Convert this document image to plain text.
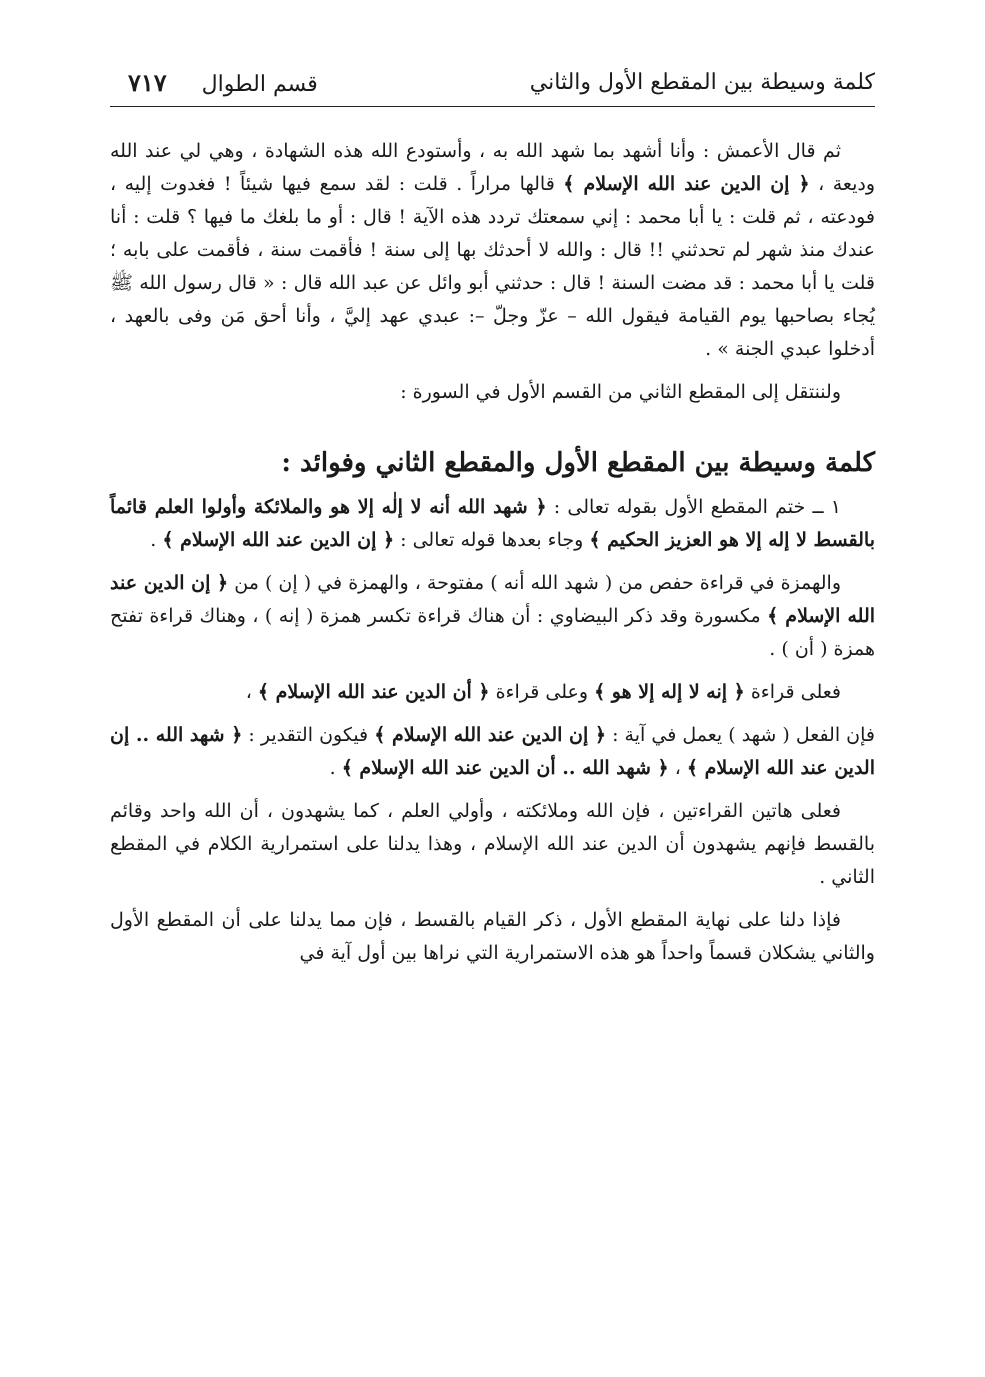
كلمة وسيطة بين المقطع الأول والثاني
قسم الطوال ٧١٧

ثم قال الأعمش : وأنا أشهد بما شهد الله به ، وأستودع الله هذه الشهادة ، وهي لي عند الله وديعة ، ﴿ إن الدين عند الله الإسلام ﴾ قالها مراراً . قلت : لقد سمع فيها شيئاً ! فغدوت إليه ، فودعته ، ثم قلت : يا أبا محمد : إني سمعتك تردد هذه الآية ! قال : أو ما بلغك ما فيها ؟ قلت : أنا عندك منذ شهر لم تحدثني !! قال : والله لا أحدثك بها إلى سنة ! فأقمت سنة ، فأقمت على بابه ؛ قلت يا أبا محمد : قد مضت السنة ! قال : حدثني أبو وائل عن عبد الله قال : « قال رسول الله ﷺ يُجاء بصاحبها يوم القيامة فيقول الله – عزّ وجلّ –: عبدي عهد إليَّ ، وأنا أحق مَن وفى بالعهد ، أدخلوا عبدي الجنة » .

ولننتقل إلى المقطع الثاني من القسم الأول في السورة :

كلمة وسيطة بين المقطع الأول والمقطع الثاني وفوائد :

١ ــ ختم المقطع الأول بقوله تعالى : ﴿ شهد الله أنه لا إلٰه إلا هو والملائكة وأولوا العلم قائماً بالقسط لا إله إلا هو العزيز الحكيم ﴾ وجاء بعدها قوله تعالى : ﴿ إن الدين عند الله الإسلام ﴾ .

والهمزة في قراءة حفص من ( شهد الله أنه ) مفتوحة ، والهمزة في ( إن ) من ﴿ إن الدين عند الله الإسلام ﴾ مكسورة وقد ذكر البيضاوي : أن هناك قراءة تكسر همزة ( إنه ) ، وهناك قراءة تفتح همزة ( أن ) .

فعلى قراءة ﴿ إنه لا إله إلا هو ﴾ وعلى قراءة ﴿ أن الدين عند الله الإسلام ﴾ ،

فإن الفعل ( شهد ) يعمل في آية : ﴿ إن الدين عند الله الإسلام ﴾ فيكون التقدير : ﴿ شهد الله .. إن الدين عند الله الإسلام ﴾ ، ﴿ شهد الله .. أن الدين عند الله الإسلام ﴾ .

فعلى هاتين القراءتين ، فإن الله وملائكته ، وأولي العلم ، كما يشهدون ، أن الله واحد وقائم بالقسط فإنهم يشهدون أن الدين عند الله الإسلام ، وهذا يدلنا على استمرارية الكلام في المقطع الثاني .

فإذا دلنا على نهاية المقطع الأول ، ذكر القيام بالقسط ، فإن مما يدلنا على أن المقطع الأول والثاني يشكلان قسماً واحداً هو هذه الاستمرارية التي نراها بين أول آية في
